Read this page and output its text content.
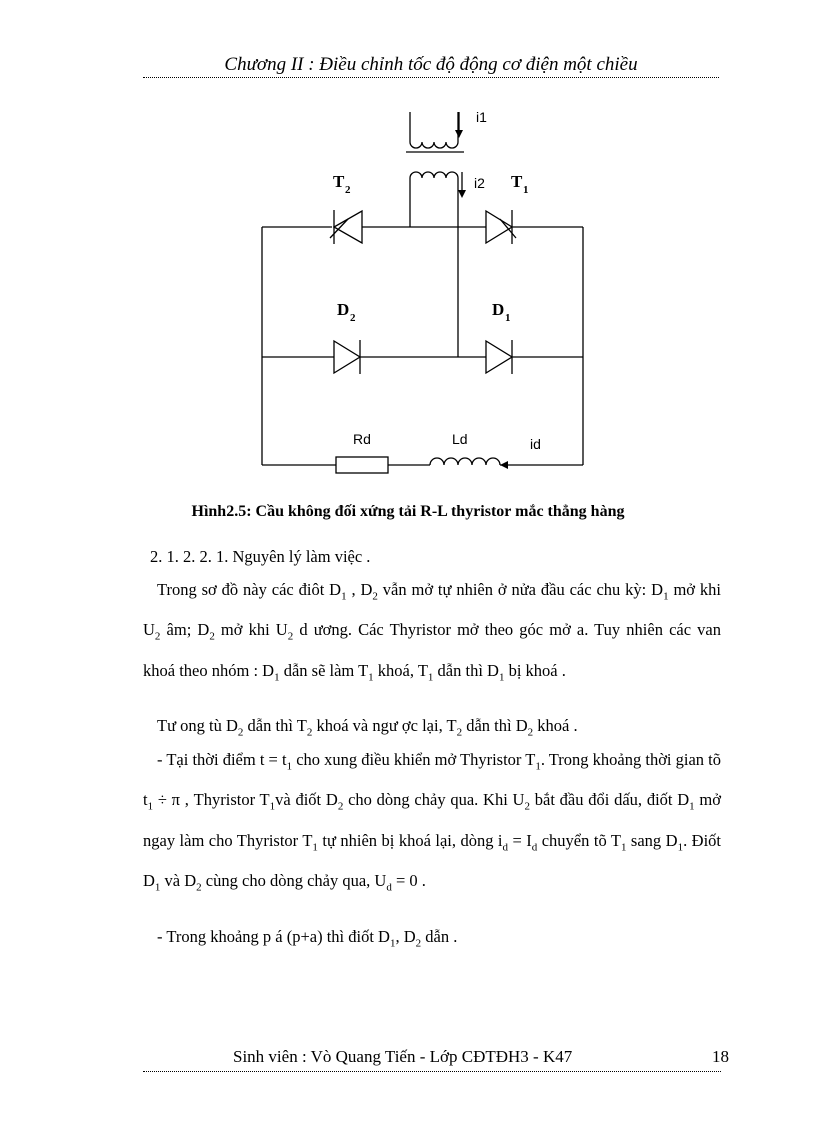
Chương II : Điều chỉnh tốc độ động cơ điện một chiều
i1
i2
Rd	Ld	id
T 2	T 1
D 2	D 1
Hình2.5: Cầu không đối xứng tải R-L thyristor mắc thẳng hàng
2. 1. 2. 2. 1. Nguyên lý làm việc .
Trong sơ đồ này các điôt $D_1$ , $D_2$ vẫn mở tự nhiên ở nửa đầu các chu kỳ: $D_1$ mở khi $U_2$ âm; $D_2$ mở khi $U_2$ d ương. Các Thyristor mở theo góc mở a. Tuy nhiên các van khoá theo nhóm : $D_1$ dẫn sẽ làm $T_1$ khoá, $T_1$ dẫn thì $D_1$ bị khoá .
Tư ong tù $D_2$ dẫn thì $T_2$ khoá và ngư ợc lại, $T_2$ dẫn thì $D_2$ khoá .
- Tại thời điểm $t = t_1$ cho xung điều khiển mở Thyristor $T_1$. Trong khoảng thời gian tõ $t_1 \div \pi$ , Thyristor $T_1và$ điốt $D_2$ cho dòng chảy qua. Khi $U_2$ bắt đầu đổi dấu, điốt $D_1$ mở ngay làm cho Thyristor $T_1$ tự nhiên bị khoá lại, dòng $i_d = I_d$ chuyển tõ $T_1$ sang $D_1$. Điốt $D_1$ và $D_2$ cùng cho dòng chảy qua, $U_d = 0$ .
- Trong khoảng p á (p+a) thì điốt $D_1$, $D_2$ dẫn .
Sinh viên : Vò Quang Tiến - Lớp CĐTĐH3 - K47	18
